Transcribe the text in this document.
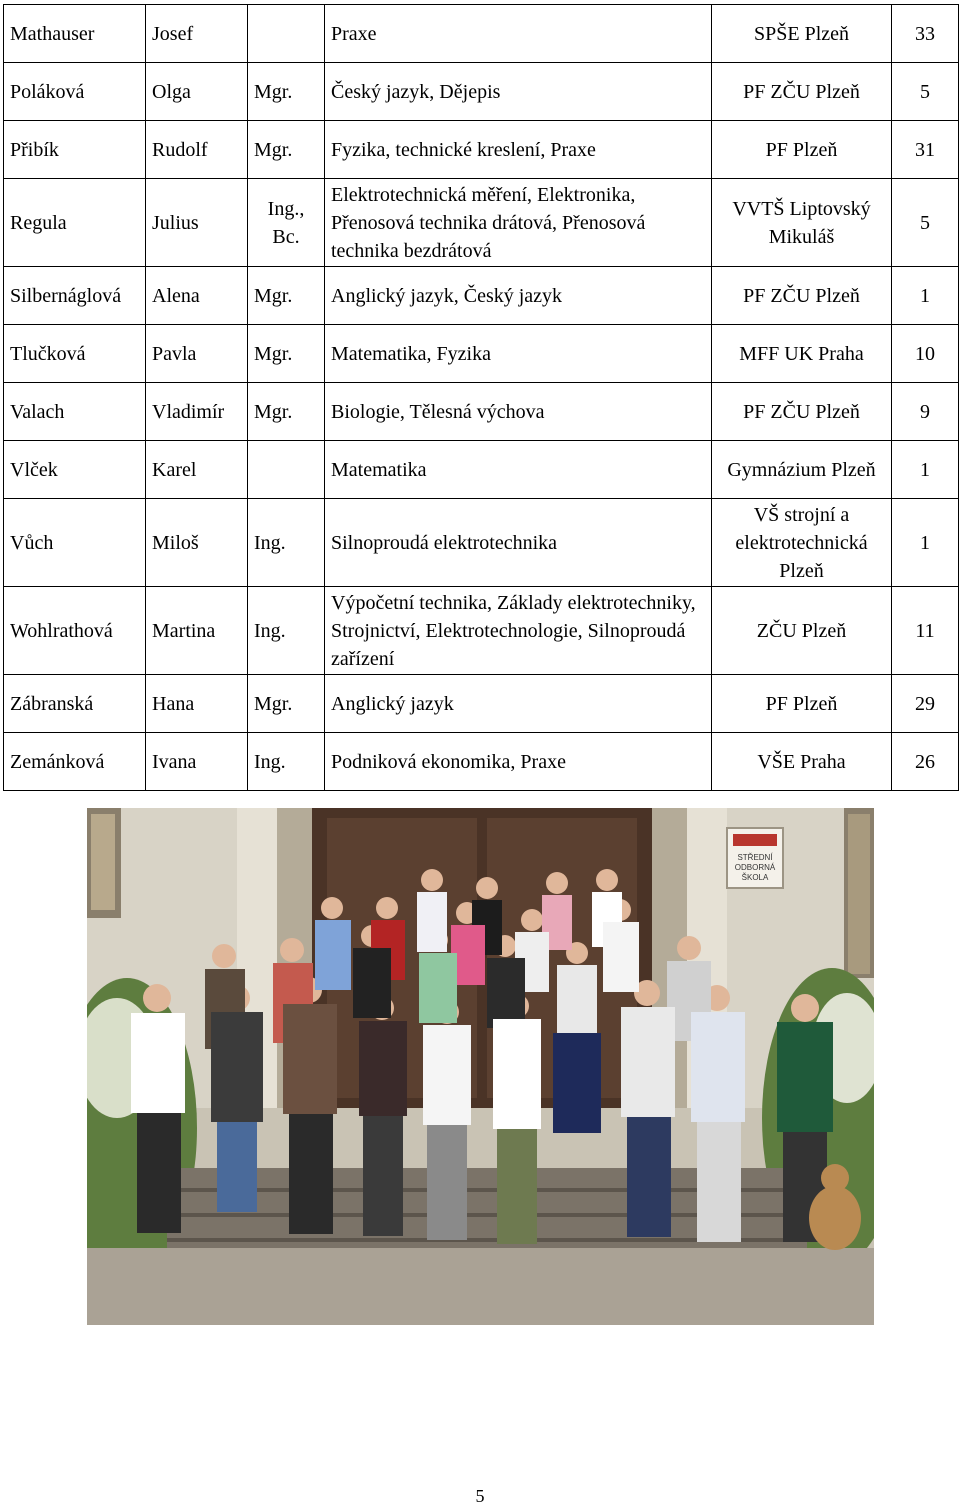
Mathauser	Josef		Praxe	SPŠE Plzeň	33
Poláková	Olga	Mgr.	Český jazyk, Dějepis	PF ZČU Plzeň	5
Přibík	Rudolf	Mgr.	Fyzika, technické kreslení, Praxe	PF Plzeň	31
Regula	Julius	Ing., Bc.	Elektrotechnická měření, Elektronika, Přenosová technika drátová, Přenosová technika bezdrátová	VVTŠ Liptovský Mikuláš	5
Silbernáglová	Alena	Mgr.	Anglický jazyk, Český jazyk	PF ZČU Plzeň	1
Tlučková	Pavla	Mgr.	Matematika, Fyzika	MFF UK Praha	10
Valach	Vladimír	Mgr.	Biologie, Tělesná výchova	PF ZČU Plzeň	9
Vlček	Karel		Matematika	Gymnázium Plzeň	1
Vůch	Miloš	Ing.	Silnoproudá elektrotechnika	VŠ strojní a elektrotechnická Plzeň	1
Wohlrathová	Martina	Ing.	Výpočetní technika, Základy elektrotechniky, Strojnictví, Elektrotechnologie, Silnoproudá zařízení	ZČU Plzeň	11
Zábranská	Hana	Mgr.	Anglický jazyk	PF Plzeň	29
Zemánková	Ivana	Ing.	Podniková ekonomika, Praxe	VŠE Praha	26
STŘEDNÍ
ODBORNÁ
ŠKOLA
5
